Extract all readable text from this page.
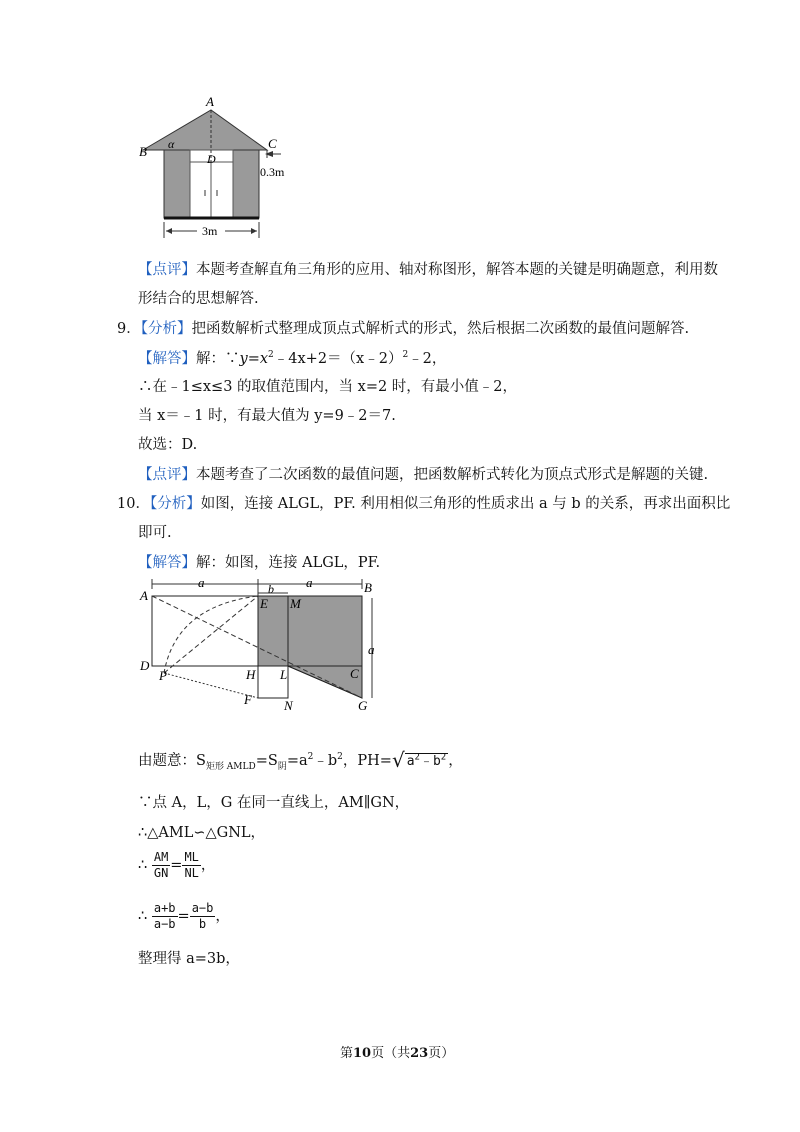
A
B
C
D
α
0.3m
3m
【点评】本题考查解直角三角形的应用、轴对称图形，解答本题的关键是明确题意，利用数
形结合的思想解答.
9．【分析】把函数解析式整理成顶点式解析式的形式，然后根据二次函数的最值问题解答.
【解答】解：$\because y=x^2﹣4x+2=(x﹣2)^2﹣2$，
∴在﹣1≤x≤3 的取值范围内，当 x=2 时，有最小值﹣2，
当 x＝﹣1 时，有最大值为 y=9﹣2＝7.
故选：D.
【点评】本题考查了二次函数的最值问题，把函数解析式转化为顶点式形式是解题的关键.
10．【分析】如图，连接 ALGL，PF. 利用相似三角形的性质求出 a 与 b 的关系，再求出面积比
即可.
【解答】解：如图，连接 ALGL，PF.
a	a
a
b
A
B
E M
D
C
P	H L
F N	G
由题意：$S_{矩形 AMLD}=S_阴=a^2﹣b^2$，PH=√ $a^2﹣b^2$ ，
∵点 A，L，G 在同一直线上，AM∥GN，
∴△AML∽△GNL，
∴ $\frac{AM}{GN} = \frac{ML}{NL}$ ，
∴ $\frac{a+b}{a-b} = \frac{a-b}{b}$ ，
整理得 a=3b，
第10页（共23页）
